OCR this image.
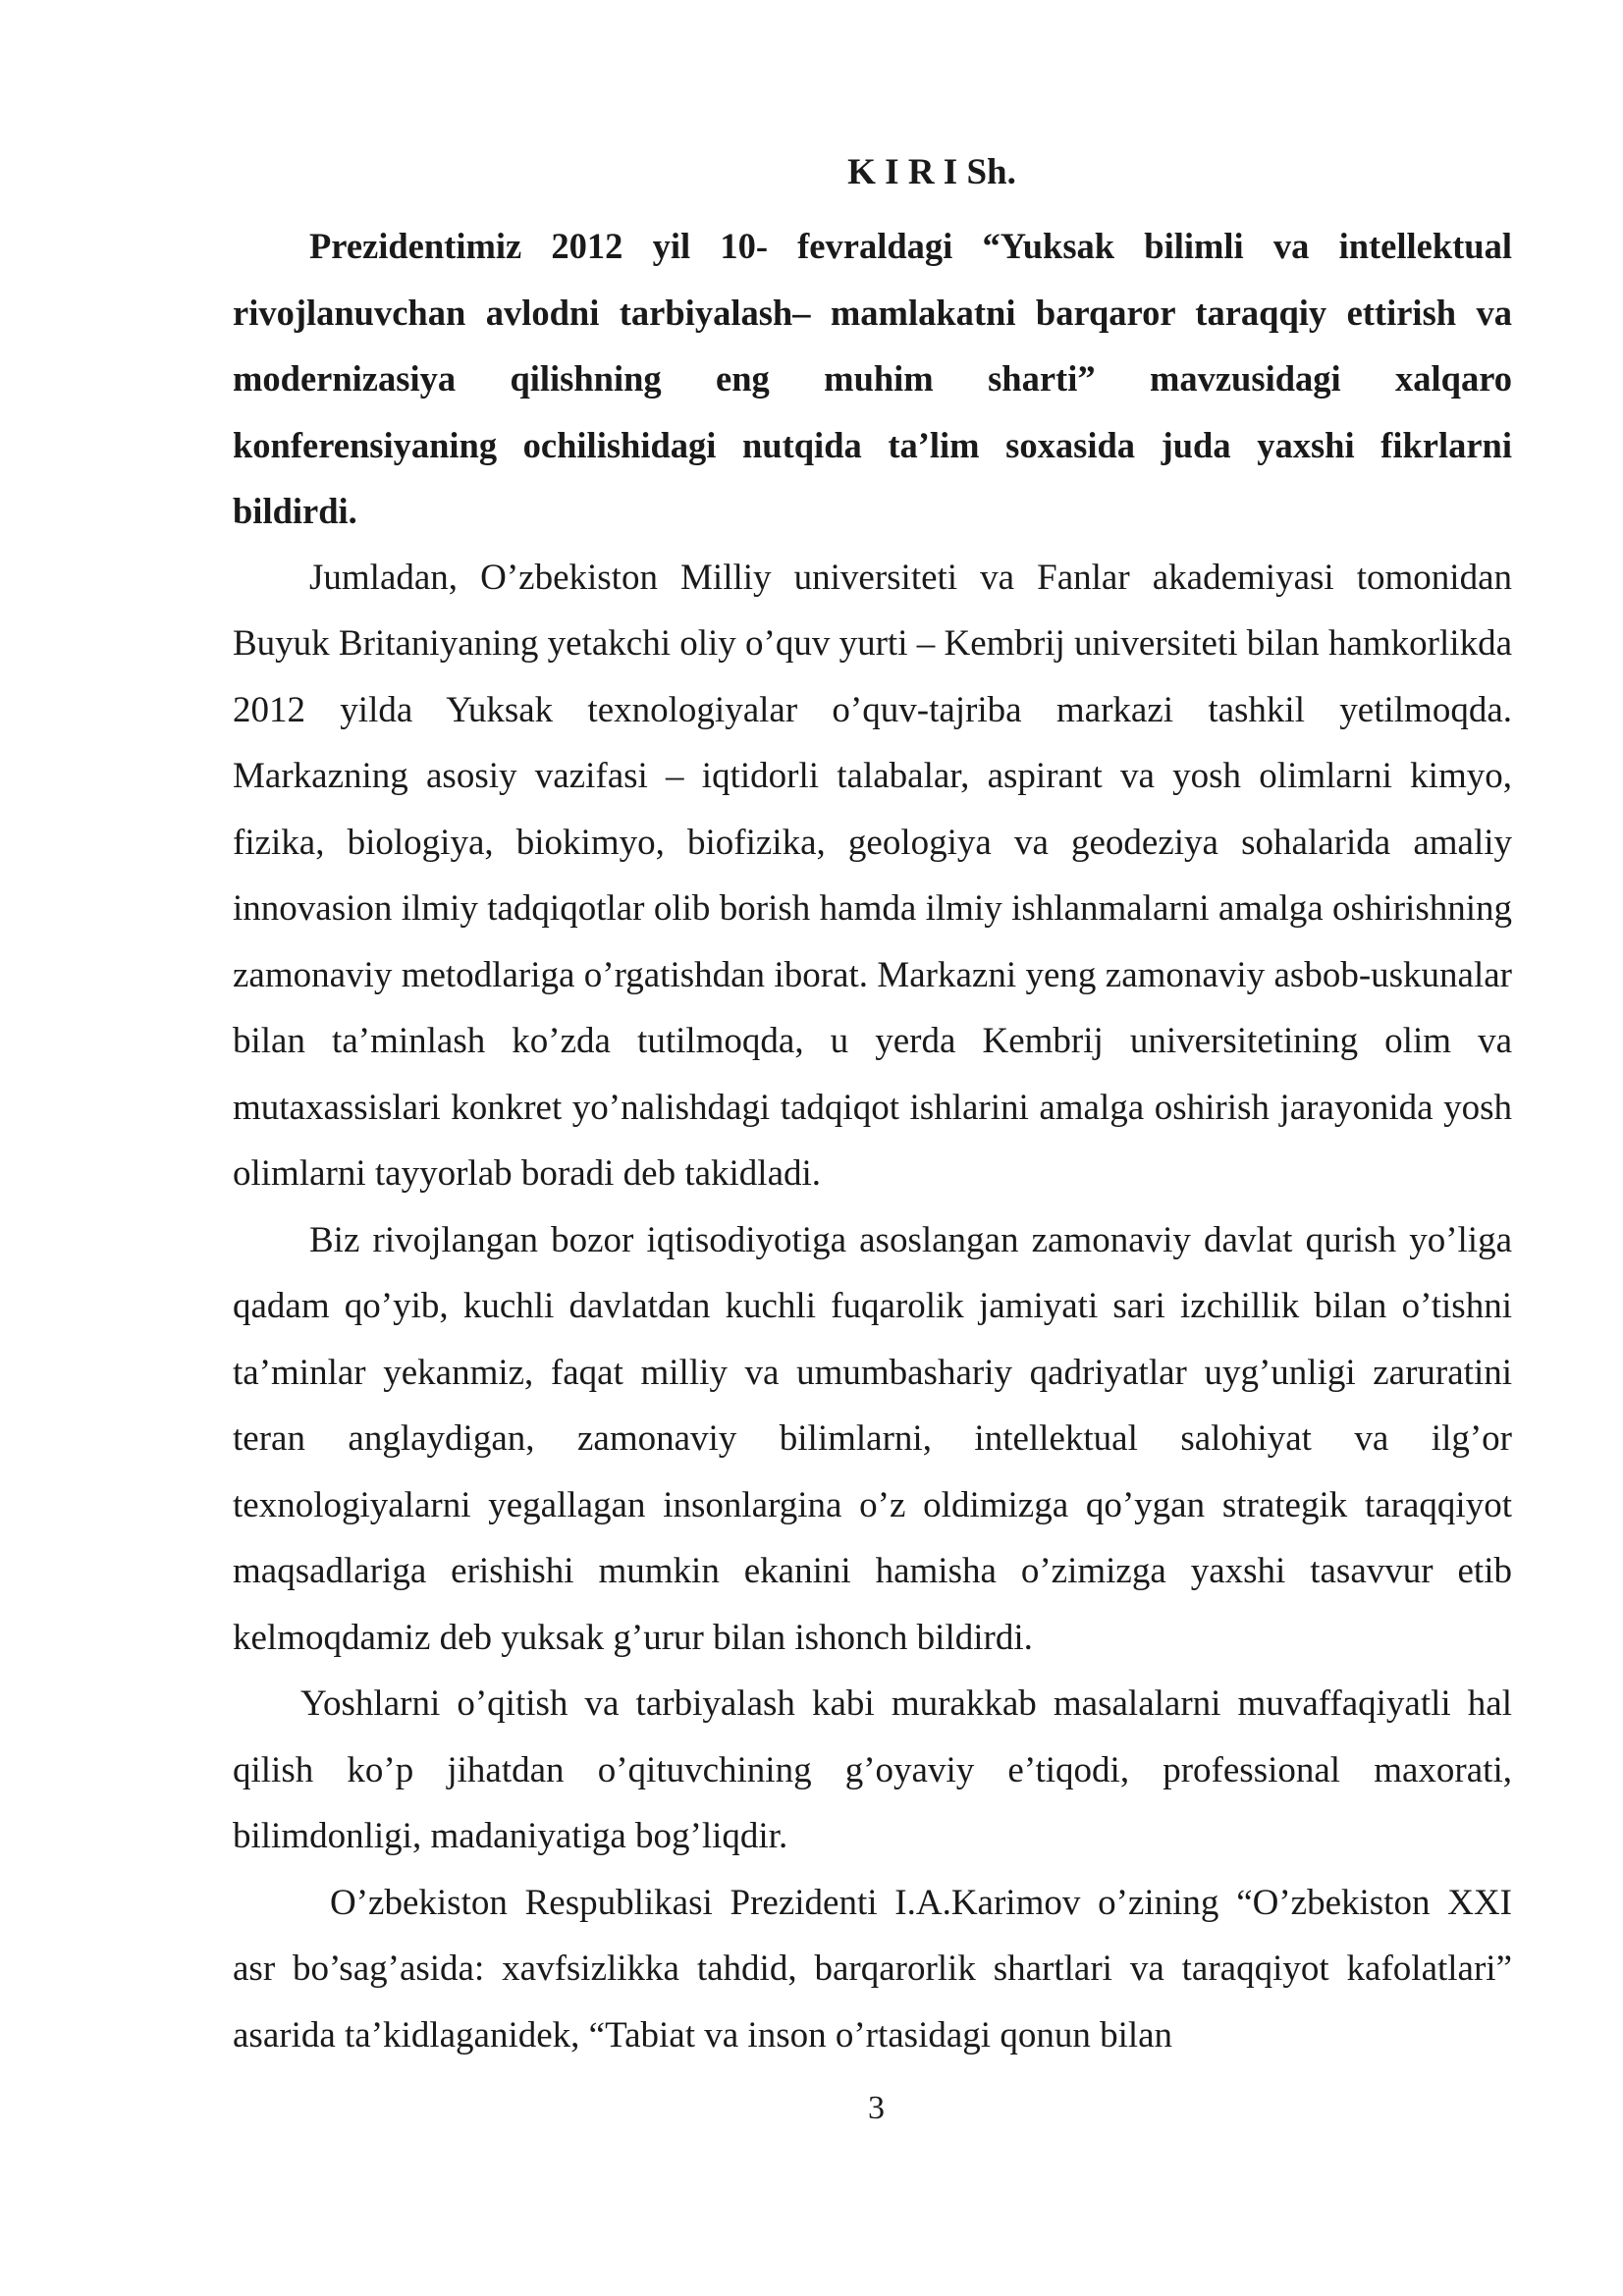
K I R I Sh.

Prezidentimiz 2012 yil 10- fevraldagi “Yuksak bilimli va intellektual rivojlanuvchan avlodni tarbiyalash– mamlakatni barqaror taraqqiy ettirish va modernizasiya qilishning eng muhim sharti” mavzusidagi xalqaro konferensiyaning ochilishidagi nutqida ta’lim soxasida juda yaxshi fikrlarni bildirdi.

Jumladan, O’zbekiston Milliy universiteti va Fanlar akademiyasi tomonidan Buyuk Britaniyaning yetakchi oliy o’quv yurti – Kembrij universiteti bilan hamkorlikda 2012 yilda Yuksak texnologiyalar o’quv-tajriba markazi tashkil yetilmoqda. Markazning asosiy vazifasi – iqtidorli talabalar, aspirant va yosh olimlarni kimyo, fizika, biologiya, biokimyo, biofizika, geologiya va geodeziya sohalarida amaliy innovasion ilmiy tadqiqotlar olib borish hamda ilmiy ishlanmalarni amalga oshirishning zamonaviy metodlariga o’rgatishdan iborat. Markazni yeng zamonaviy asbob-uskunalar bilan ta’minlash ko’zda tutilmoqda, u yerda Kembrij universitetining olim va mutaxassislari konkret yo’nalishdagi tadqiqot ishlarini amalga oshirish jarayonida yosh olimlarni tayyorlab boradi deb takidladi.

Biz rivojlangan bozor iqtisodiyotiga asoslangan zamonaviy davlat qurish yo’liga qadam qo’yib, kuchli davlatdan kuchli fuqarolik jamiyati sari izchillik bilan o’tishni ta’minlar yekanmiz, faqat milliy va umumbashariy qadriyatlar uyg’unligi zaruratini teran anglaydigan, zamonaviy bilimlarni, intellektual salohiyat va ilg’or texnologiyalarni yegallagan insonlargina o’z oldimizga qo’ygan strategik taraqqiyot maqsadlariga erishishi mumkin ekanini hamisha o’zimizga yaxshi tasavvur etib kelmoqdamiz deb yuksak g’urur bilan ishonch bildirdi.

Yoshlarni o’qitish va tarbiyalash kabi murakkab masalalarni muvaffaqiyatli hal qilish ko’p jihatdan o’qituvchining g’oyaviy e’tiqodi, professional maxorati, bilimdonligi, madaniyatiga bog’liqdir.

O’zbekiston Respublikasi Prezidenti I.A.Karimov o’zining “O’zbekiston XXI asr bo’sag’asida: xavfsizlikka tahdid, barqarorlik shartlari va taraqqiyot kafolatlari” asarida ta’kidlaganidek, “Tabiat va inson o’rtasidagi qonun bilan

3
